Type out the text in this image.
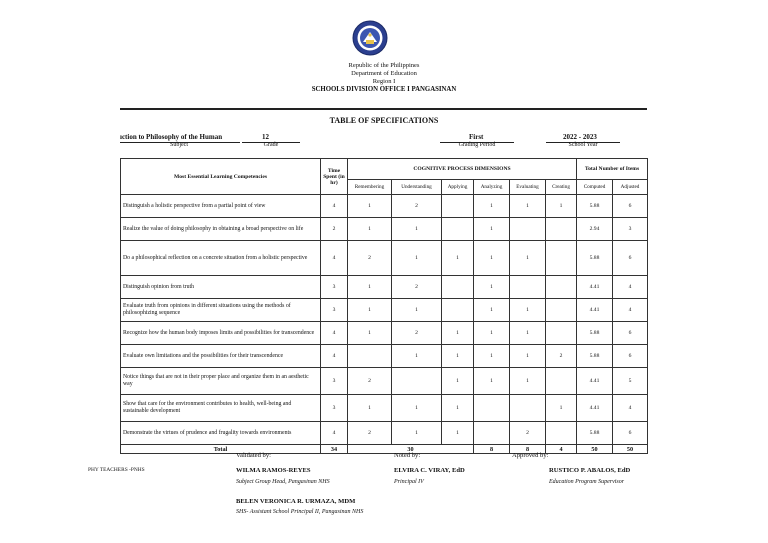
Republic of the Philippines
Department of Education
Region I
SCHOOLS DIVISION OFFICE I PANGASINAN
TABLE OF SPECIFICATIONS
ıction to Philosophy of the Human
Subject
12
Grade
First
Grading Period
2022 - 2023
School Year
Most Essential Learning Competencies	Time Spent (in hr)	COGNITIVE PROCESS DIMENSIONS						Total Number of Items	
		Remembering	Understanding	Applying	Analyzing	Evaluating	Creating	Computed	Adjusted
Distinguish a holistic perspective from a partial point of view	4	1	2		1	1	1	5.88	6
Realize the value of doing philosophy in obtaining a broad perspective on life	2	1	1		1			2.94	3
Do a philosophical reflection on a concrete situation from a holistic perspective	4	2	1	1	1	1		5.88	6
Distinguish opinion from truth	3	1	2		1			4.41	4
Evaluate truth from opinions in different situations using the methods of philosophizing sequence	3	1	1		1	1		4.41	4
Recognize how the human body imposes limits and possibilities for transcendence	4	1	2	1	1	1		5.88	6
Evaluate own limitations and the possibilities for their transcendence	4		1	1	1	1	2	5.88	6
Notice things that are not in their proper place and organize them in an aesthetic way	3	2		1	1	1		4.41	5
Show that care for the environment contributes to health, well-being and sustainable development	3	1	1	1			1	4.41	4
Demonstrate the virtues of prudence and frugality towards environments	4	2	1	1		2		5.88	6
Total	34	30			8	8	4	50	50
PHY TEACHERS -PNHS
Validated by:
WILMA RAMOS-REYES
Subject Group Head, Pangasinan NHS
Noted by:
ELVIRA C. VIRAY, EdD
Principal IV
Approved by:
RUSTICO P. ABALOS, EdD
Education Program Supervisor
BELEN VERONICA R. URMAZA, MDM
SHS- Assistant School Principal II, Pangasinan NHS
